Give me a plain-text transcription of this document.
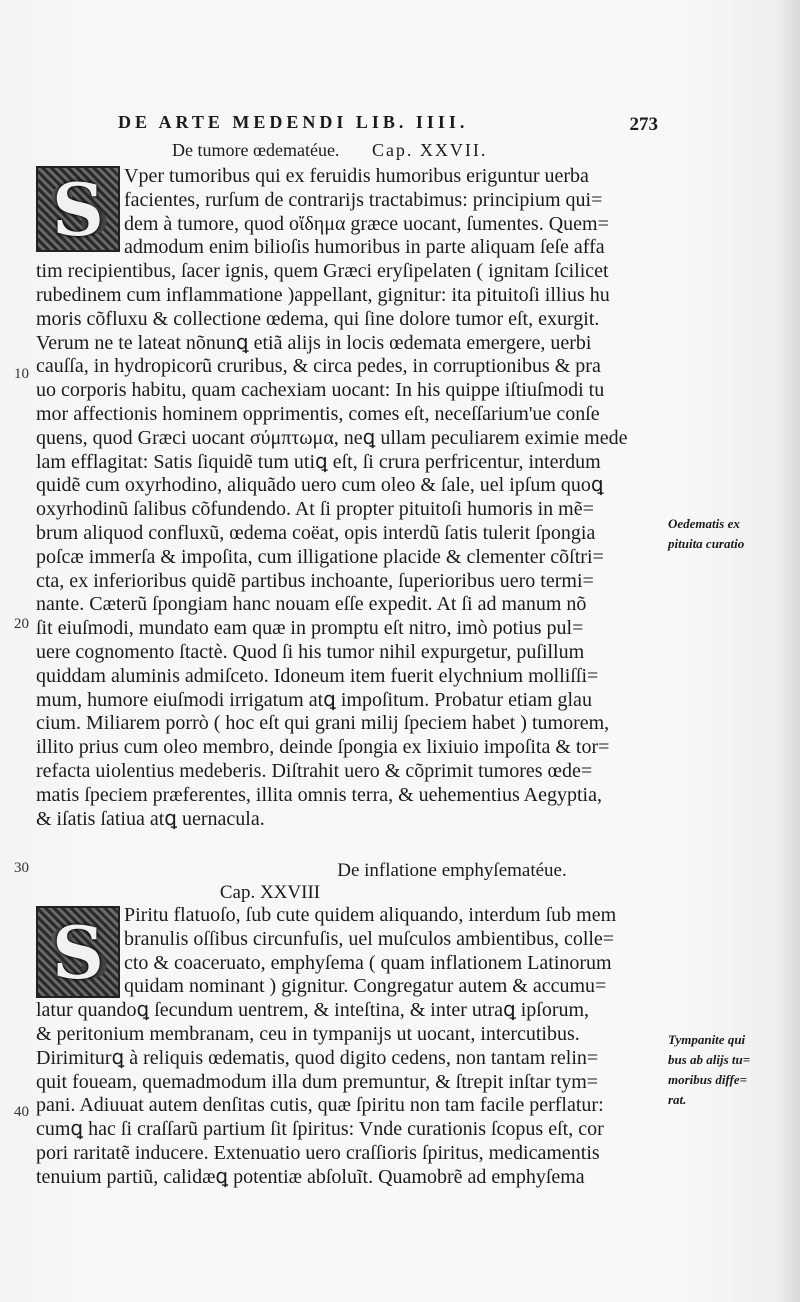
DE ARTE MEDENDI LIB. IIII.	273
De tumore œdematéue. Cap. XXVII.
S	Vper tumoribus qui ex feruidis humoribus eriguntur uerba
facientes, rurſum de contrarijs tractabimus: principium qui=
dem à tumore, quod οἴδημα græce uocant, ſumentes. Quem=
admodum enim bilioſis humoribus in parte aliquam ſeſe affa
tim recipientibus, ſacer ignis, quem Græci eryſipelaten ( ignitam ſcilicet
rubedinem cum inflammatione )appellant, gignitur: ita pituitoſi illius hu
moris cõfluxu & collectione œdema, qui ſine dolore tumor eſt, exurgit.
Verum ne te lateat nõnunꝗ etiã alijs in locis œdemata emergere, uerbi
cauſſa, in hydropicorũ cruribus, & circa pedes, in corruptionibus & pra
uo corporis habitu, quam cachexiam uocant: In his quippe iſtiuſmodi tu
mor affectionis hominem opprimentis, comes eſt, neceſſarium'ue conſe
quens, quod Græci uocant σύμπτωμα, neꝗ ullam peculiarem eximie mede
lam efflagitat: Satis ſiquidẽ tum utiꝗ eſt, ſi crura perfricentur, interdum
quidẽ cum oxyrhodino, aliquãdo uero cum oleo & ſale, uel ipſum quoꝗ
oxyrhodinũ ſalibus cõfundendo. At ſi propter pituitoſi humoris in mẽ=
brum aliquod confluxũ, œdema coëat, opis interdũ ſatis tulerit ſpongia
poſcæ immerſa & impoſita, cum illigatione placide & clementer cõſtri=
cta, ex inferioribus quidẽ partibus inchoante, ſuperioribus uero termi=
nante. Cæterũ ſpongiam hanc nouam eſſe expedit. At ſi ad manum nõ
ſit eiuſmodi, mundato eam quæ in promptu eſt nitro, imò potius pul=
uere cognomento ſtactè. Quod ſi his tumor nihil expurgetur, puſillum
quiddam aluminis admiſceto. Idoneum item fuerit elychnium molliſſi=
mum, humore eiuſmodi irrigatum atꝗ impoſitum. Probatur etiam glau
cium. Miliarem porrò ( hoc eſt qui grani milij ſpeciem habet ) tumorem,
illito prius cum oleo membro, deinde ſpongia ex lixiuio impoſita & tor=
refacta uiolentius medeberis. Diſtrahit uero & cõprimit tumores œde=
matis ſpeciem præferentes, illita omnis terra, & uehementius Aegyptia,
& iſatis ſatiua atꝗ uernacula.
De inflatione emphyſematéue.
Cap. XXVIII
S	Piritu flatuoſo, ſub cute quidem aliquando, interdum ſub mem
branulis oſſibus circunfuſis, uel muſculos ambientibus, colle=
cto & coaceruato, emphyſema ( quam inflationem Latinorum
quidam nominant ) gignitur. Congregatur autem & accumu=
latur quandoꝗ ſecundum uentrem, & inteſtina, & inter utraꝗ ipſorum,
& peritonium membranam, ceu in tympanijs ut uocant, intercutibus.
Dirimiturꝗ à reliquis œdematis, quod digito cedens, non tantam relin=
quit foueam, quemadmodum illa dum premuntur, & ſtrepit inſtar tym=
pani. Adiuuat autem denſitas cutis, quæ ſpiritu non tam facile perflatur:
cumꝗ hac ſi craſſarũ partium ſit ſpiritus: Vnde curationis ſcopus eſt, cor
pori raritatẽ inducere. Extenuatio uero craſſioris ſpiritus, medicamentis
tenuium partiũ, calidæꝗ potentiæ abſoluĩt. Quamobrẽ ad emphyſema
10
20
30
40
Oedematis ex
pituita curatio
Tympanite qui
bus ab alijs tu=
moribus diffe=
rat.
